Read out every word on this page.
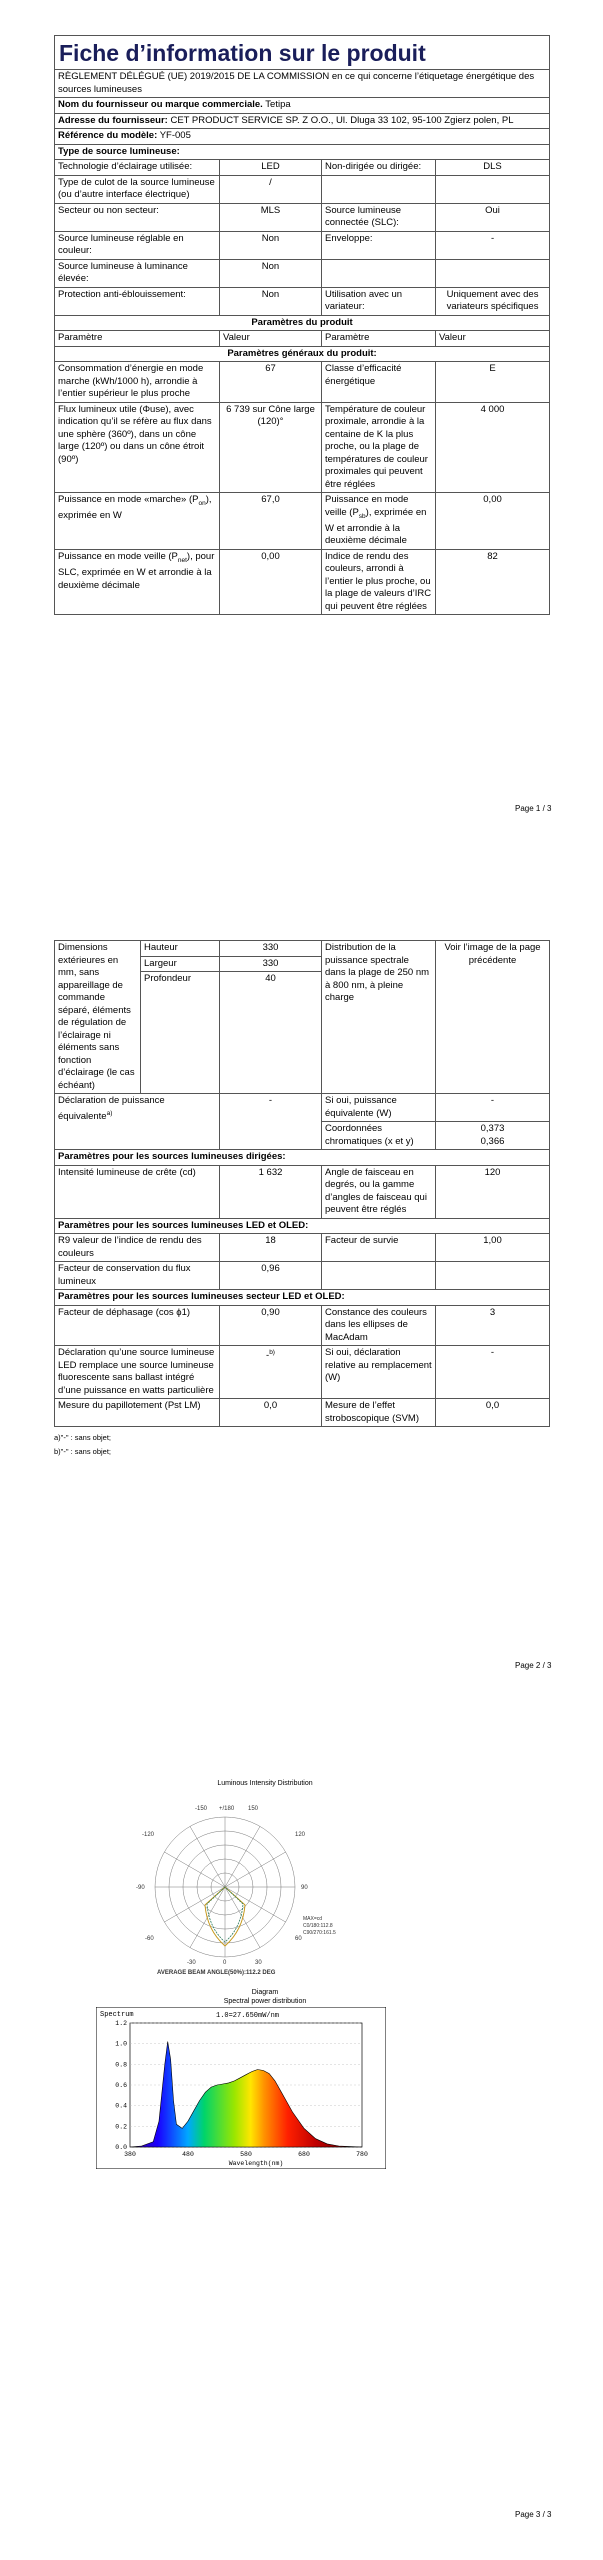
Fiche d’information sur le produit			
RÈGLEMENT DÉLÉGUÉ (UE) 2019/2015 DE LA COMMISSION en ce qui concerne l’étiquetage énergétique des sources lumineuses			
Nom du fournisseur ou marque commerciale. Tetipa			
Adresse du fournisseur: CET PRODUCT SERVICE SP. Z O.O., Ul. Dluga 33 102, 95-100 Zgierz polen, PL			
Référence du modèle: YF-005			
Type de source lumineuse:			
Technologie d’éclairage utilisée:	LED	Non-dirigée ou dirigée:	DLS

Type de culot de la source lumineuse
(ou d’autre interface électrique)	/		
Secteur ou non secteur:	MLS	Source lumineuse connectée (SLC):	Oui
Source lumineuse réglable en couleur:	Non	Enveloppe:	-
Source lumineuse à luminance élevée:	Non		
Protection anti-éblouissement:	Non	Utilisation avec un variateur:	Uniquement avec des variateurs spécifiques
Paramètres du produit			
Paramètre	Valeur	Paramètre	Valeur
Paramètres généraux du produit:			
Consommation d’énergie en mode marche (kWh/1000 h), arrondie à l’entier supérieur le plus proche	67	Classe d’efficacité énergétique	E
Flux lumineux utile (Φuse), avec indication qu’il se réfère au flux dans une sphère (360º), dans un cône large (120º) ou dans un cône étroit (90º)	6 739 sur Cône large (120)°	Température de couleur proximale, arrondie à la centaine de K la plus proche, ou la plage de températures de couleur proximales qui peuvent être réglées	4 000
Puissance en mode «marche» $(P_{on})$, exprimée en W	67,0	Puissance en mode veille $(P_{sb})$, exprimée en W et arrondie à la deuxième décimale	0,00
Puissance en mode veille $(P_{net})$, pour SLC, exprimée en W et arrondie à la deuxième décimale	0,00	Indice de rendu des couleurs, arrondi à l’entier le plus proche, ou la plage de valeurs d’IRC qui peuvent être réglées	82
Page 1 / 3
Dimensions extérieures en mm, sans appareillage de commande séparé, éléments de régulation de l’éclairage ni éléments sans fonction d’éclairage (le cas échéant)	Hauteur	330	Distribution de la puissance spectrale dans la plage de 250 nm à 800 nm, à pleine charge	Voir l’image de la page précédente
	Largeur	330		
	Profondeur	40		

Déclaration de puissance équivalente$^{a)}$		-	Si oui, puissance équivalente (W)	-
			Coordonnées chromatiques (x et y)	0,373
0,366

Paramètres pour les sources lumineuses dirigées:				
Intensité lumineuse de crête (cd)		1 632	Angle de faisceau en degrés, ou la gamme d’angles de faisceau qui peuvent être réglés	120
Paramètres pour les sources lumineuses LED et OLED:				
R9 valeur de l’indice de rendu des couleurs		18	Facteur de survie	1,00
Facteur de conservation du flux lumineux		0,96		
Paramètres pour les sources lumineuses secteur LED et OLED:				
Facteur de déphasage (cos ϕ1)		0,90	Constance des couleurs dans les ellipses de MacAdam	3
Déclaration qu’une source lumineuse LED remplace une source lumineuse fluorescente sans ballast intégré d’une puissance en watts particulière		-$^{b)}$	Si oui, déclaration relative au remplacement (W)	-
Mesure du papillotement (Pst LM)		0,0	Mesure de l’effet stroboscopique (SVM)	0,0
a)"-" : sans objet;
b)"-" : sans objet;
Page 2 / 3
Luminous Intensity Distribution
-150 +/180 150
-120	120
-90	90
-60	60
-30	0	30
MAX=cd
C0/180:112.8
C90/270:161.5
AVERAGE BEAM ANGLE(50%):112.2 DEG
Diagram
Spectral power distribution
Spectrum	1.0=27.650mW/nm
0.0
0.2
0.4
0.6
0.8
1.0
1.2
380	480	580	680	780
Wavelength(nm)
Page 3 / 3
